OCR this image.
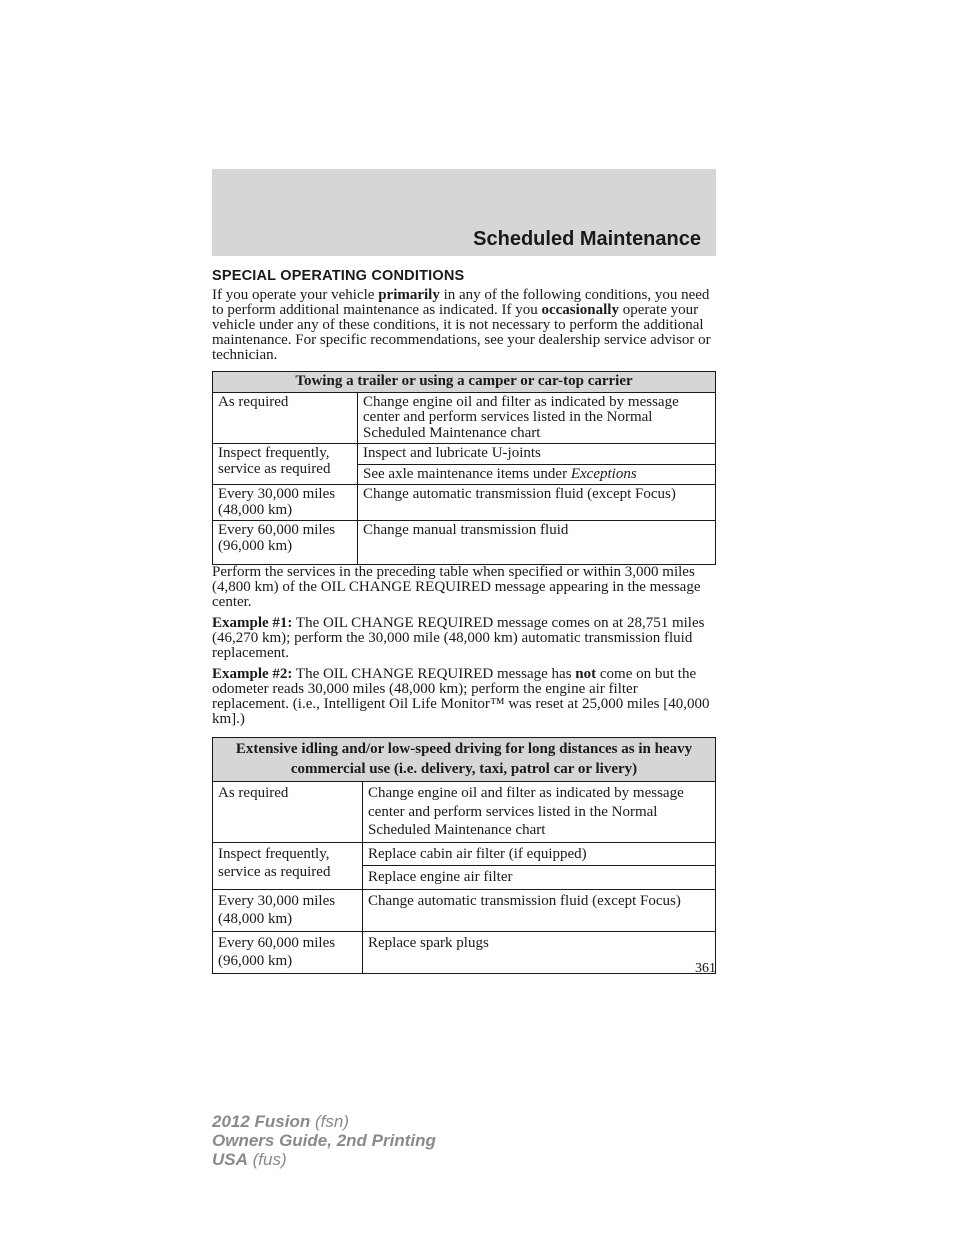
Scheduled Maintenance
SPECIAL OPERATING CONDITIONS
If you operate your vehicle primarily in any of the following conditions, you need to perform additional maintenance as indicated. If you occasionally operate your vehicle under any of these conditions, it is not necessary to perform the additional maintenance. For specific recommendations, see your dealership service advisor or technician.
Towing a trailer or using a camper or car-top carrier	
As required	Change engine oil and filter as indicated by message center and perform services listed in the Normal Scheduled Maintenance chart
Inspect frequently, service as required	Inspect and lubricate U-joints
	See axle maintenance items under Exceptions
Every 30,000 miles (48,000 km)	Change automatic transmission fluid (except Focus)
Every 60,000 miles (96,000 km)	Change manual transmission fluid
Perform the services in the preceding table when specified or within 3,000 miles (4,800 km) of the OIL CHANGE REQUIRED message appearing in the message center.
Example #1: The OIL CHANGE REQUIRED message comes on at 28,751 miles (46,270 km); perform the 30,000 mile (48,000 km) automatic transmission fluid replacement.
Example #2: The OIL CHANGE REQUIRED message has not come on but the odometer reads 30,000 miles (48,000 km); perform the engine air filter replacement. (i.e., Intelligent Oil Life Monitor™ was reset at 25,000 miles [40,000 km].)
Extensive idling and/or low-speed driving for long distances as in heavy commercial use (i.e. delivery, taxi, patrol car or livery)	
As required	Change engine oil and filter as indicated by message center and perform services listed in the Normal Scheduled Maintenance chart
Inspect frequently, service as required	Replace cabin air filter (if equipped)
	Replace engine air filter
Every 30,000 miles (48,000 km)	Change automatic transmission fluid (except Focus)
Every 60,000 miles (96,000 km)	Replace spark plugs
361
2012 Fusion (fsn)
Owners Guide, 2nd Printing
USA (fus)
